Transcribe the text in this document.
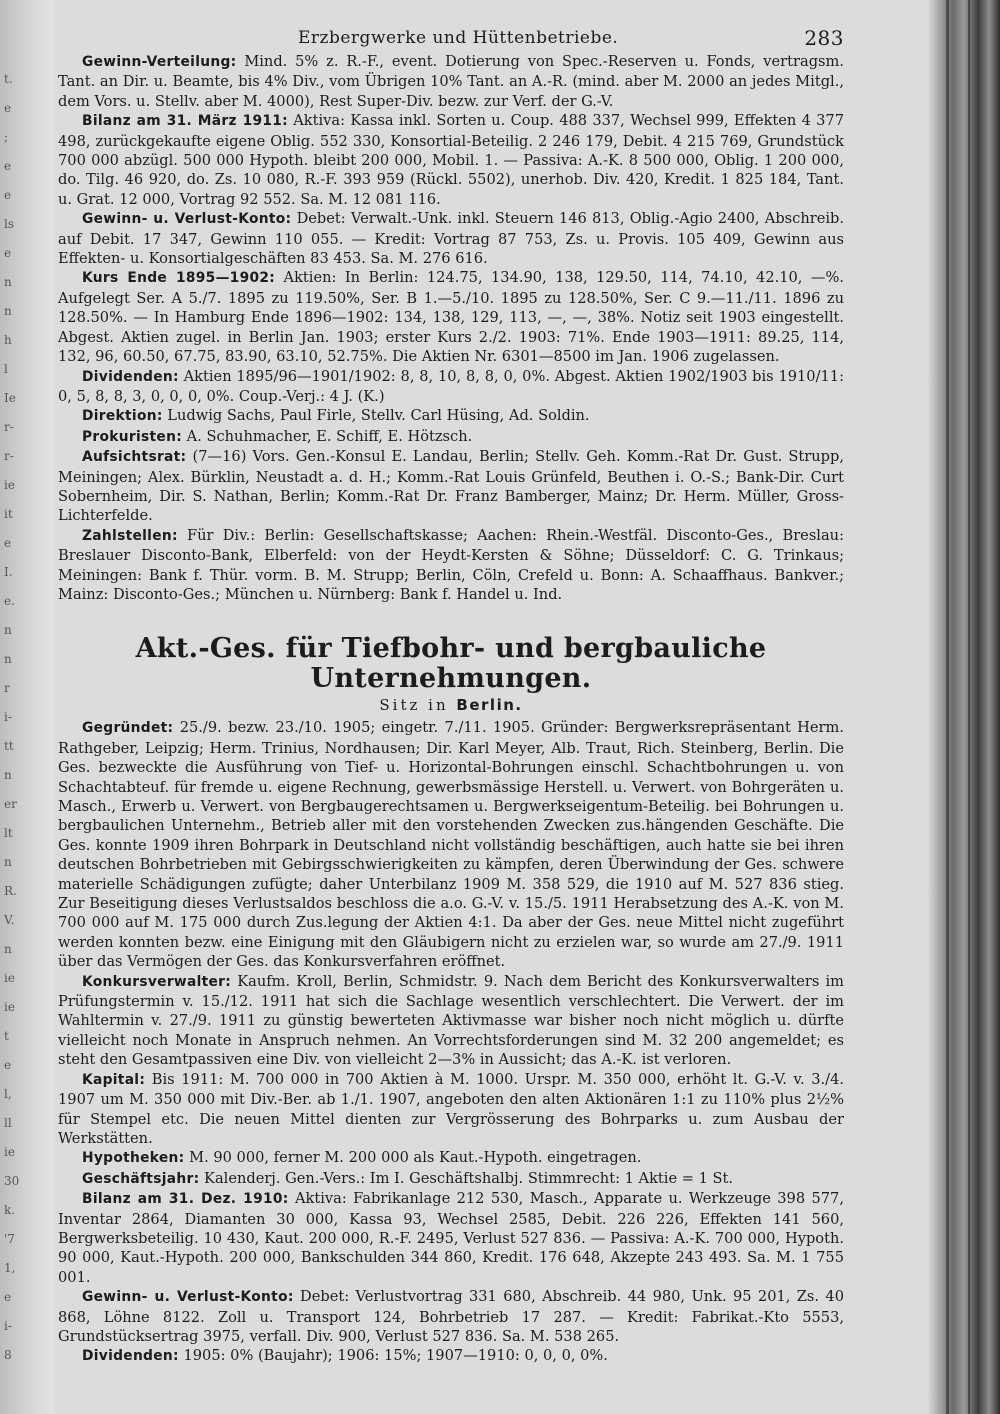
t.
e
;
e
e
ls
e
n
n
h
l
Ie
r-
r-
ie
it
e
I.
e.
n
n
r
i-
tt
n
er
lt
n
R.
V.
n
ie
ie
t
e
l,
ll
ie
30
k.
'7
1,
e
i-
8
Erzbergwerke und Hüttenbetriebe.	283

Gewinn-Verteilung: Mind. 5% z. R.-F., event. Dotierung von Spec.-Reserven u. Fonds, vertragsm. Tant. an Dir. u. Beamte, bis 4% Div., vom Übrigen 10% Tant. an A.-R. (mind. aber M. 2000 an jedes Mitgl., dem Vors. u. Stellv. aber M. 4000), Rest Super-Div. bezw. zur Verf. der G.-V.

Bilanz am 31. März 1911: Aktiva: Kassa inkl. Sorten u. Coup. 488 337, Wechsel 999, Effekten 4 377 498, zurückgekaufte eigene Oblig. 552 330, Konsortial-Beteilig. 2 246 179, Debit. 4 215 769, Grundstück 700 000 abzügl. 500 000 Hypoth. bleibt 200 000, Mobil. 1. — Passiva: A.-K. 8 500 000, Oblig. 1 200 000, do. Tilg. 46 920, do. Zs. 10 080, R.-F. 393 959 (Rückl. 5502), unerhob. Div. 420, Kredit. 1 825 184, Tant. u. Grat. 12 000, Vortrag 92 552. Sa. M. 12 081 116.

Gewinn- u. Verlust-Konto: Debet: Verwalt.-Unk. inkl. Steuern 146 813, Oblig.-Agio 2400, Abschreib. auf Debit. 17 347, Gewinn 110 055. — Kredit: Vortrag 87 753, Zs. u. Provis. 105 409, Gewinn aus Effekten- u. Konsortialgeschäften 83 453. Sa. M. 276 616.

Kurs Ende 1895—1902: Aktien: In Berlin: 124.75, 134.90, 138, 129.50, 114, 74.10, 42.10, —%. Aufgelegt Ser. A 5./7. 1895 zu 119.50%, Ser. B 1.—5./10. 1895 zu 128.50%, Ser. C 9.—11./11. 1896 zu 128.50%. — In Hamburg Ende 1896—1902: 134, 138, 129, 113, —, —, 38%. Notiz seit 1903 eingestellt. Abgest. Aktien zugel. in Berlin Jan. 1903; erster Kurs 2./2. 1903: 71%. Ende 1903—1911: 89.25, 114, 132, 96, 60.50, 67.75, 83.90, 63.10, 52.75%. Die Aktien Nr. 6301—8500 im Jan. 1906 zugelassen.

Dividenden: Aktien 1895/96—1901/1902: 8, 8, 10, 8, 8, 0, 0%. Abgest. Aktien 1902/1903 bis 1910/11: 0, 5, 8, 8, 3, 0, 0, 0, 0%. Coup.-Verj.: 4 J. (K.)

Direktion: Ludwig Sachs, Paul Firle, Stellv. Carl Hüsing, Ad. Soldin.

Prokuristen: A. Schuhmacher, E. Schiff, E. Hötzsch.

Aufsichtsrat: (7—16) Vors. Gen.-Konsul E. Landau, Berlin; Stellv. Geh. Komm.-Rat Dr. Gust. Strupp, Meiningen; Alex. Bürklin, Neustadt a. d. H.; Komm.-Rat Louis Grünfeld, Beuthen i. O.-S.; Bank-Dir. Curt Sobernheim, Dir. S. Nathan, Berlin; Komm.-Rat Dr. Franz Bamberger, Mainz; Dr. Herm. Müller, Gross-Lichterfelde.

Zahlstellen: Für Div.: Berlin: Gesellschaftskasse; Aachen: Rhein.-Westfäl. Disconto-Ges., Breslau: Breslauer Disconto-Bank, Elberfeld: von der Heydt-Kersten & Söhne; Düsseldorf: C. G. Trinkaus; Meiningen: Bank f. Thür. vorm. B. M. Strupp; Berlin, Cöln, Crefeld u. Bonn: A. Schaaffhaus. Bankver.; Mainz: Disconto-Ges.; München u. Nürnberg: Bank f. Handel u. Ind.

Akt.-Ges. für Tiefbohr- und bergbauliche Unternehmungen.
Sitz in Berlin.

Gegründet: 25./9. bezw. 23./10. 1905; eingetr. 7./11. 1905. Gründer: Bergwerksrepräsentant Herm. Rathgeber, Leipzig; Herm. Trinius, Nordhausen; Dir. Karl Meyer, Alb. Traut, Rich. Steinberg, Berlin. Die Ges. bezweckte die Ausführung von Tief- u. Horizontal-Bohrungen einschl. Schachtbohrungen u. von Schachtabteuf. für fremde u. eigene Rechnung, gewerbsmässige Herstell. u. Verwert. von Bohrgeräten u. Masch., Erwerb u. Verwert. von Bergbaugerechtsamen u. Bergwerkseigentum-Beteilig. bei Bohrungen u. bergbaulichen Unternehm., Betrieb aller mit den vorstehenden Zwecken zus.hängenden Geschäfte. Die Ges. konnte 1909 ihren Bohrpark in Deutschland nicht vollständig beschäftigen, auch hatte sie bei ihren deutschen Bohrbetrieben mit Gebirgsschwierigkeiten zu kämpfen, deren Überwindung der Ges. schwere materielle Schädigungen zufügte; daher Unterbilanz 1909 M. 358 529, die 1910 auf M. 527 836 stieg. Zur Beseitigung dieses Verlustsaldos beschloss die a.o. G.-V. v. 15./5. 1911 Herabsetzung des A.-K. von M. 700 000 auf M. 175 000 durch Zus.legung der Aktien 4:1. Da aber der Ges. neue Mittel nicht zugeführt werden konnten bezw. eine Einigung mit den Gläubigern nicht zu erzielen war, so wurde am 27./9. 1911 über das Vermögen der Ges. das Konkursverfahren eröffnet.

Konkursverwalter: Kaufm. Kroll, Berlin, Schmidstr. 9. Nach dem Bericht des Konkursverwalters im Prüfungstermin v. 15./12. 1911 hat sich die Sachlage wesentlich verschlechtert. Die Verwert. der im Wahltermin v. 27./9. 1911 zu günstig bewerteten Aktivmasse war bisher noch nicht möglich u. dürfte vielleicht noch Monate in Anspruch nehmen. An Vorrechtsforderungen sind M. 32 200 angemeldet; es steht den Gesamtpassiven eine Div. von vielleicht 2—3% in Aussicht; das A.-K. ist verloren.

Kapital: Bis 1911: M. 700 000 in 700 Aktien à M. 1000. Urspr. M. 350 000, erhöht lt. G.-V. v. 3./4. 1907 um M. 350 000 mit Div.-Ber. ab 1./1. 1907, angeboten den alten Aktionären 1:1 zu 110% plus 2½% für Stempel etc. Die neuen Mittel dienten zur Vergrösserung des Bohrparks u. zum Ausbau der Werkstätten.

Hypotheken: M. 90 000, ferner M. 200 000 als Kaut.-Hypoth. eingetragen.

Geschäftsjahr: Kalenderj. Gen.-Vers.: Im I. Geschäftshalbj. Stimmrecht: 1 Aktie = 1 St.

Bilanz am 31. Dez. 1910: Aktiva: Fabrikanlage 212 530, Masch., Apparate u. Werkzeuge 398 577, Inventar 2864, Diamanten 30 000, Kassa 93, Wechsel 2585, Debit. 226 226, Effekten 141 560, Bergwerksbeteilig. 10 430, Kaut. 200 000, R.-F. 2495, Verlust 527 836. — Passiva: A.-K. 700 000, Hypoth. 90 000, Kaut.-Hypoth. 200 000, Bankschulden 344 860, Kredit. 176 648, Akzepte 243 493. Sa. M. 1 755 001.

Gewinn- u. Verlust-Konto: Debet: Verlustvortrag 331 680, Abschreib. 44 980, Unk. 95 201, Zs. 40 868, Löhne 8122. Zoll u. Transport 124, Bohrbetrieb 17 287. — Kredit: Fabrikat.-Kto 5553, Grundstücksertrag 3975, verfall. Div. 900, Verlust 527 836. Sa. M. 538 265.

Dividenden: 1905: 0% (Baujahr); 1906: 15%; 1907—1910: 0, 0, 0, 0%.
